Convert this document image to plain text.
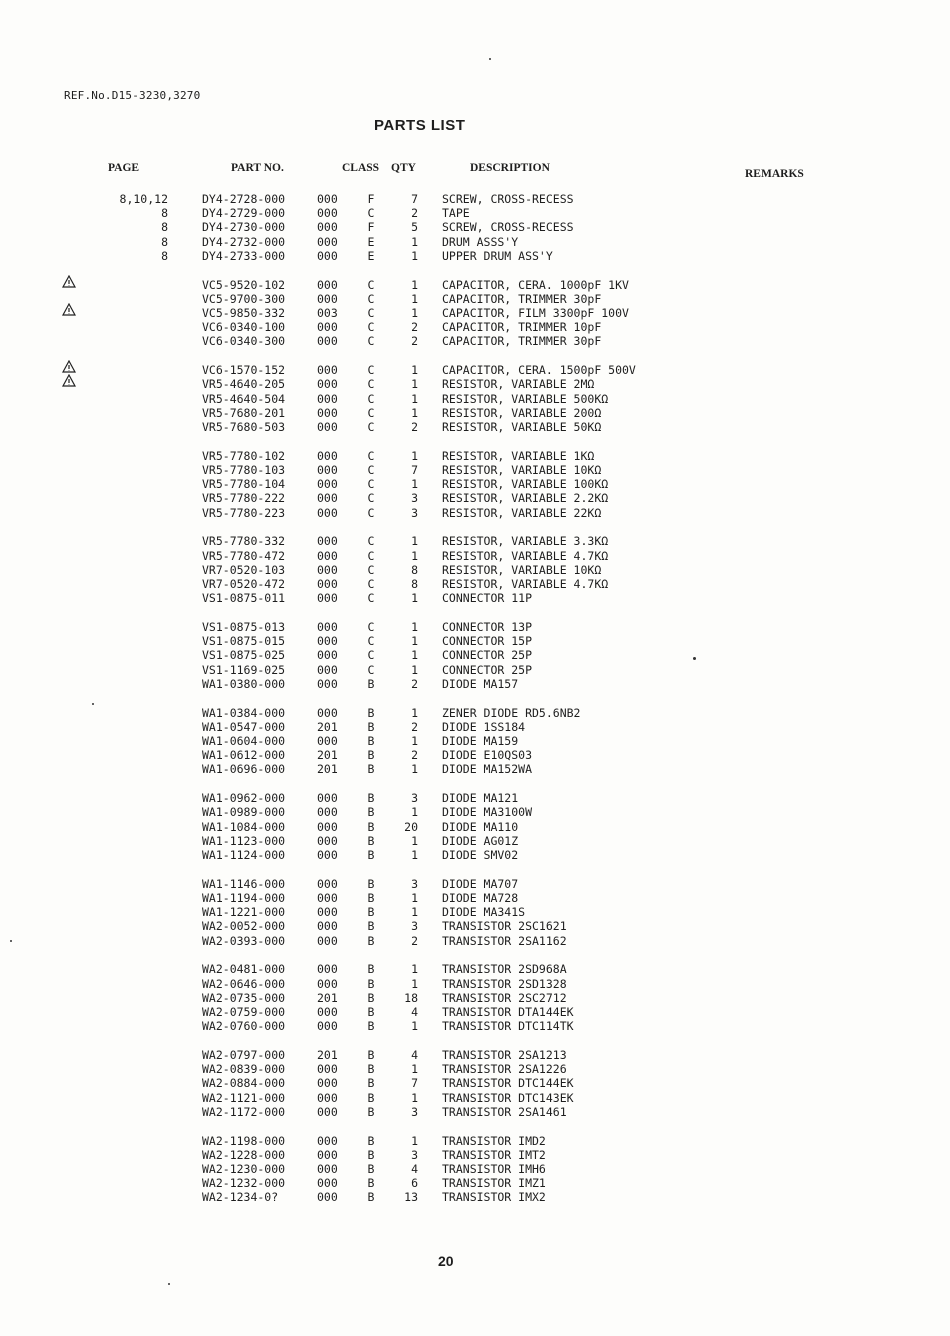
REF.No.D15-3230,3270
PARTS LIST
PAGE	PART NO.	CLASS QTY	DESCRIPTION	REMARKS
8,10,12	DY4-2728-000	000	F	7 SCREW, CROSS-RECESS
8	DY4-2729-000	000	C	2 TAPE
8	DY4-2730-000	000	F	5 SCREW, CROSS-RECESS
8	DY4-2732-000	000	E	1 DRUM ASSS'Y
8	DY4-2733-000	000	E	1 UPPER DRUM ASS'Y
VC5-9520-102	000	C	1 CAPACITOR, CERA. 1000pF 1KV
VC5-9700-300	000	C	1 CAPACITOR, TRIMMER 30pF
VC5-9850-332	003	C	1 CAPACITOR, FILM 3300pF 100V
VC6-0340-100	000	C	2 CAPACITOR, TRIMMER 10pF
VC6-0340-300	000	C	2 CAPACITOR, TRIMMER 30pF
VC6-1570-152	000	C	1 CAPACITOR, CERA. 1500pF 500V
VR5-4640-205	000	C	1 RESISTOR, VARIABLE 2MΩ
VR5-4640-504	000	C	1 RESISTOR, VARIABLE 500KΩ
VR5-7680-201	000	C	1 RESISTOR, VARIABLE 200Ω
VR5-7680-503	000	C	2 RESISTOR, VARIABLE 50KΩ
VR5-7780-102	000	C	1 RESISTOR, VARIABLE 1KΩ
VR5-7780-103	000	C	7 RESISTOR, VARIABLE 10KΩ
VR5-7780-104	000	C	1 RESISTOR, VARIABLE 100KΩ
VR5-7780-222	000	C	3 RESISTOR, VARIABLE 2.2KΩ
VR5-7780-223	000	C	3 RESISTOR, VARIABLE 22KΩ
VR5-7780-332	000	C	1 RESISTOR, VARIABLE 3.3KΩ
VR5-7780-472	000	C	1 RESISTOR, VARIABLE 4.7KΩ
VR7-0520-103	000	C	8 RESISTOR, VARIABLE 10KΩ
VR7-0520-472	000	C	8 RESISTOR, VARIABLE 4.7KΩ
VS1-0875-011	000	C	1 CONNECTOR 11P
VS1-0875-013	000	C	1 CONNECTOR 13P
VS1-0875-015	000	C	1 CONNECTOR 15P
VS1-0875-025	000	C	1 CONNECTOR 25P
VS1-1169-025	000	C	1 CONNECTOR 25P
WA1-0380-000	000	B	2 DIODE MA157
WA1-0384-000	000	B	1 ZENER DIODE RD5.6NB2
WA1-0547-000	201	B	2 DIODE 1SS184
WA1-0604-000	000	B	1 DIODE MA159
WA1-0612-000	201	B	2 DIODE E10QS03
WA1-0696-000	201	B	1 DIODE MA152WA
WA1-0962-000	000	B	3 DIODE MA121
WA1-0989-000	000	B	1 DIODE MA3100W
WA1-1084-000	000	B	20 DIODE MA110
WA1-1123-000	000	B	1 DIODE AG01Z
WA1-1124-000	000	B	1 DIODE SMV02
WA1-1146-000	000	B	3 DIODE MA707
WA1-1194-000	000	B	1 DIODE MA728
WA1-1221-000	000	B	1 DIODE MA341S
WA2-0052-000	000	B	3 TRANSISTOR 2SC1621
WA2-0393-000	000	B	2 TRANSISTOR 2SA1162
WA2-0481-000	000	B	1 TRANSISTOR 2SD968A
WA2-0646-000	000	B	1 TRANSISTOR 2SD1328
WA2-0735-000	201	B	18 TRANSISTOR 2SC2712
WA2-0759-000	000	B	4 TRANSISTOR DTA144EK
WA2-0760-000	000	B	1 TRANSISTOR DTC114TK
WA2-0797-000	201	B	4 TRANSISTOR 2SA1213
WA2-0839-000	000	B	1 TRANSISTOR 2SA1226
WA2-0884-000	000	B	7 TRANSISTOR DTC144EK
WA2-1121-000	000	B	1 TRANSISTOR DTC143EK
WA2-1172-000	000	B	3 TRANSISTOR 2SA1461
WA2-1198-000	000	B	1 TRANSISTOR IMD2
WA2-1228-000	000	B	3 TRANSISTOR IMT2
WA2-1230-000	000	B	4 TRANSISTOR IMH6
WA2-1232-000	000	B	6 TRANSISTOR IMZ1
WA2-1234-0?	000	B	13 TRANSISTOR IMX2
20
